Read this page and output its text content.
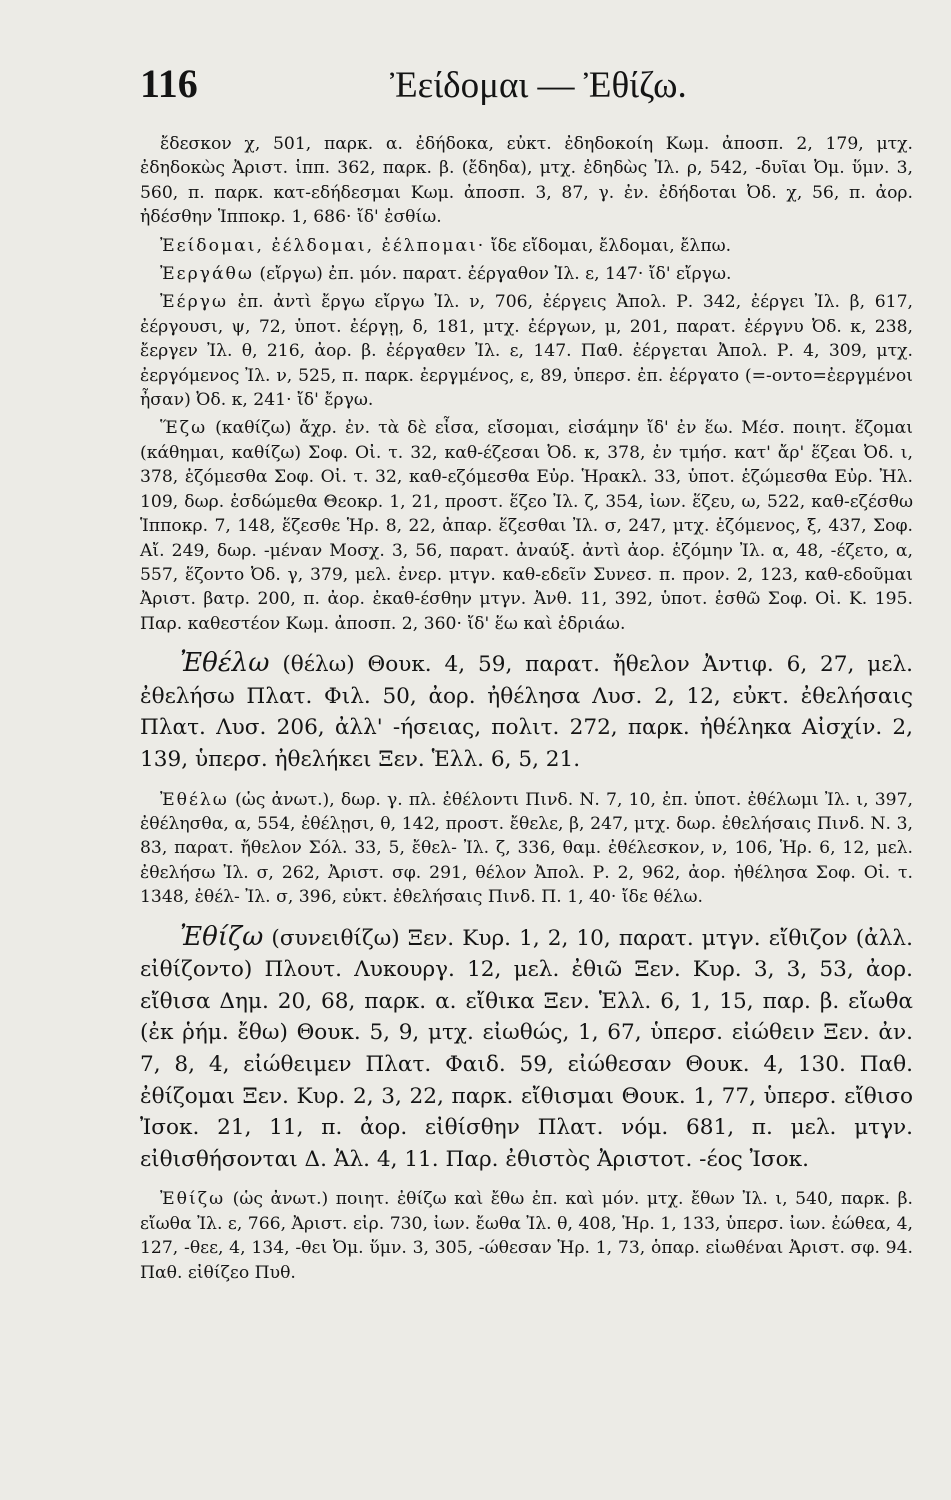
116	Ἐείδομαι — Ἐθίζω.

ἔδεσκον χ, 501, παρκ. α. ἐδήδοκα, εὐκτ. ἐδηδοκοίη Κωμ. ἀποσπ. 2, 179, μτχ. ἐδηδοκὼς Ἀριστ. ἱππ. 362, παρκ. β. (ἔδηδα), μτχ. ἐδηδὼς Ἰλ. ρ, 542, -δυῖαι Ὀμ. ὕμν. 3, 560, π. παρκ. κατ-εδήδεσμαι Κωμ. ἀποσπ. 3, 87, γ. ἐν. ἐδήδοται Ὀδ. χ, 56, π. ἀορ. ἠδέσθην Ἱπποκρ. 1, 686· ἴδ' ἐσθίω.

Ἐείδομαι, ἐέλδομαι, ἐέλπομαι· ἴδε εἴδομαι, ἔλδομαι, ἔλπω.

Ἐεργάθω (εἴργω) ἐπ. μόν. παρατ. ἐέργαθον Ἰλ. ε, 147· ἴδ' εἴργω.

Ἐέργω ἐπ. ἀντὶ ἔργω εἴργω Ἰλ. ν, 706, ἐέργεις Ἀπολ. Ρ. 342, ἐέργει Ἰλ. β, 617, ἐέργουσι, ψ, 72, ὑποτ. ἐέργῃ, δ, 181, μτχ. ἐέργων, μ, 201, παρατ. ἐέργνυ Ὀδ. κ, 238, ἔεργεν Ἰλ. θ, 216, ἀορ. β. ἐέργαθεν Ἰλ. ε, 147. Παθ. ἐέργεται Ἀπολ. Ρ. 4, 309, μτχ. ἐεργόμενος Ἰλ. ν, 525, π. παρκ. ἐεργμένος, ε, 89, ὑπερσ. ἐπ. ἐέργατο (=-οντο=ἐεργμένοι ἦσαν) Ὀδ. κ, 241· ἴδ' ἔργω.

Ἕζω (καθίζω) ἄχρ. ἐν. τὰ δὲ εἶσα, εἴσομαι, εἰσάμην ἴδ' ἐν ἕω. Μέσ. ποιητ. ἕζομαι (κάθημαι, καθίζω) Σοφ. Οἰ. τ. 32, καθ-έζεσαι Ὀδ. κ, 378, ἐν τμήσ. κατ' ἄρ' ἕζεαι Ὀδ. ι, 378, ἑζόμεσθα Σοφ. Οἰ. τ. 32, καθ-εζόμεσθα Εὐρ. Ἡρακλ. 33, ὑποτ. ἑζώμεσθα Εὐρ. Ἠλ. 109, δωρ. ἑσδώμεθα Θεοκρ. 1, 21, προστ. ἕζεο Ἰλ. ζ, 354, ἰων. ἕζευ, ω, 522, καθ-εζέσθω Ἱπποκρ. 7, 148, ἕζεσθε Ἡρ. 8, 22, ἀπαρ. ἕζεσθαι Ἰλ. σ, 247, μτχ. ἑζόμενος, ξ, 437, Σοφ. Αἴ. 249, δωρ. -μέναν Μοσχ. 3, 56, παρατ. ἀναύξ. ἀντὶ ἀορ. ἑζόμην Ἰλ. α, 48, -έζετο, α, 557, ἕζοντο Ὀδ. γ, 379, μελ. ἐνερ. μτγν. καθ-εδεῖν Συνεσ. π. προν. 2, 123, καθ-εδοῦμαι Ἀριστ. βατρ. 200, π. ἀορ. ἐκαθ-έσθην μτγν. Ἀνθ. 11, 392, ὑποτ. ἑσθῶ Σοφ. Οἰ. Κ. 195. Παρ. καθεστέον Κωμ. ἀποσπ. 2, 360· ἴδ' ἕω καὶ ἑδριάω.

Ἐθέλω (θέλω) Θουκ. 4, 59, παρατ. ἤθελον Ἀντιφ. 6, 27, μελ. ἐθελήσω Πλατ. Φιλ. 50, ἀορ. ἠθέλησα Λυσ. 2, 12, εὐκτ. ἐθελήσαις Πλατ. Λυσ. 206, ἀλλ' -ήσειας, πολιτ. 272, παρκ. ἠθέληκα Αἰσχίν. 2, 139, ὑπερσ. ἠθελήκει Ξεν. Ἑλλ. 6, 5, 21.

Ἐθέλω (ὡς ἀνωτ.), δωρ. γ. πλ. ἐθέλοντι Πινδ. Ν. 7, 10, ἐπ. ὑποτ. ἐθέλωμι Ἰλ. ι, 397, ἐθέλησθα, α, 554, ἐθέλῃσι, θ, 142, προστ. ἔθελε, β, 247, μτχ. δωρ. ἐθελήσαις Πινδ. Ν. 3, 83, παρατ. ἤθελον Σόλ. 33, 5, ἔθελ- Ἰλ. ζ, 336, θαμ. ἐθέλεσκον, ν, 106, Ἡρ. 6, 12, μελ. ἐθελήσω Ἰλ. σ, 262, Ἀριστ. σφ. 291, θέλον Ἀπολ. Ρ. 2, 962, ἀορ. ἠθέλησα Σοφ. Οἰ. τ. 1348, ἐθέλ- Ἰλ. σ, 396, εὐκτ. ἐθελήσαις Πινδ. Π. 1, 40· ἴδε θέλω.

Ἐθίζω (συνειθίζω) Ξεν. Κυρ. 1, 2, 10, παρατ. μτγν. εἴθιζον (ἀλλ. εἰθίζοντο) Πλουτ. Λυκουργ. 12, μελ. ἐθιῶ Ξεν. Κυρ. 3, 3, 53, ἀορ. εἴθισα Δημ. 20, 68, παρκ. α. εἴθικα Ξεν. Ἑλλ. 6, 1, 15, παρ. β. εἴωθα (ἐκ ῥήμ. ἔθω) Θουκ. 5, 9, μτχ. εἰωθώς, 1, 67, ὑπερσ. εἰώθειν Ξεν. ἀν. 7, 8, 4, εἰώθειμεν Πλατ. Φαιδ. 59, εἰώθεσαν Θουκ. 4, 130. Παθ. ἐθίζομαι Ξεν. Κυρ. 2, 3, 22, παρκ. εἴθισμαι Θουκ. 1, 77, ὑπερσ. εἴθισο Ἰσοκ. 21, 11, π. ἀορ. εἰθίσθην Πλατ. νόμ. 681, π. μελ. μτγν. εἰθισθήσονται Δ. Ἁλ. 4, 11. Παρ. ἐθιστὸς Ἀριστοτ. -έος Ἰσοκ.

Ἐθίζω (ὡς ἀνωτ.) ποιητ. ἐθίζω καὶ ἔθω ἐπ. καὶ μόν. μτχ. ἔθων Ἰλ. ι, 540, παρκ. β. εἴωθα Ἰλ. ε, 766, Ἀριστ. εἰρ. 730, ἰων. ἔωθα Ἰλ. θ, 408, Ἡρ. 1, 133, ὑπερσ. ἰων. ἐώθεα, 4, 127, -θεε, 4, 134, -θει Ὀμ. ὕμν. 3, 305, -ώθεσαν Ἡρ. 1, 73, ὁπαρ. εἰωθέναι Ἀριστ. σφ. 94. Παθ. εἰθίζεο Πυθ.
